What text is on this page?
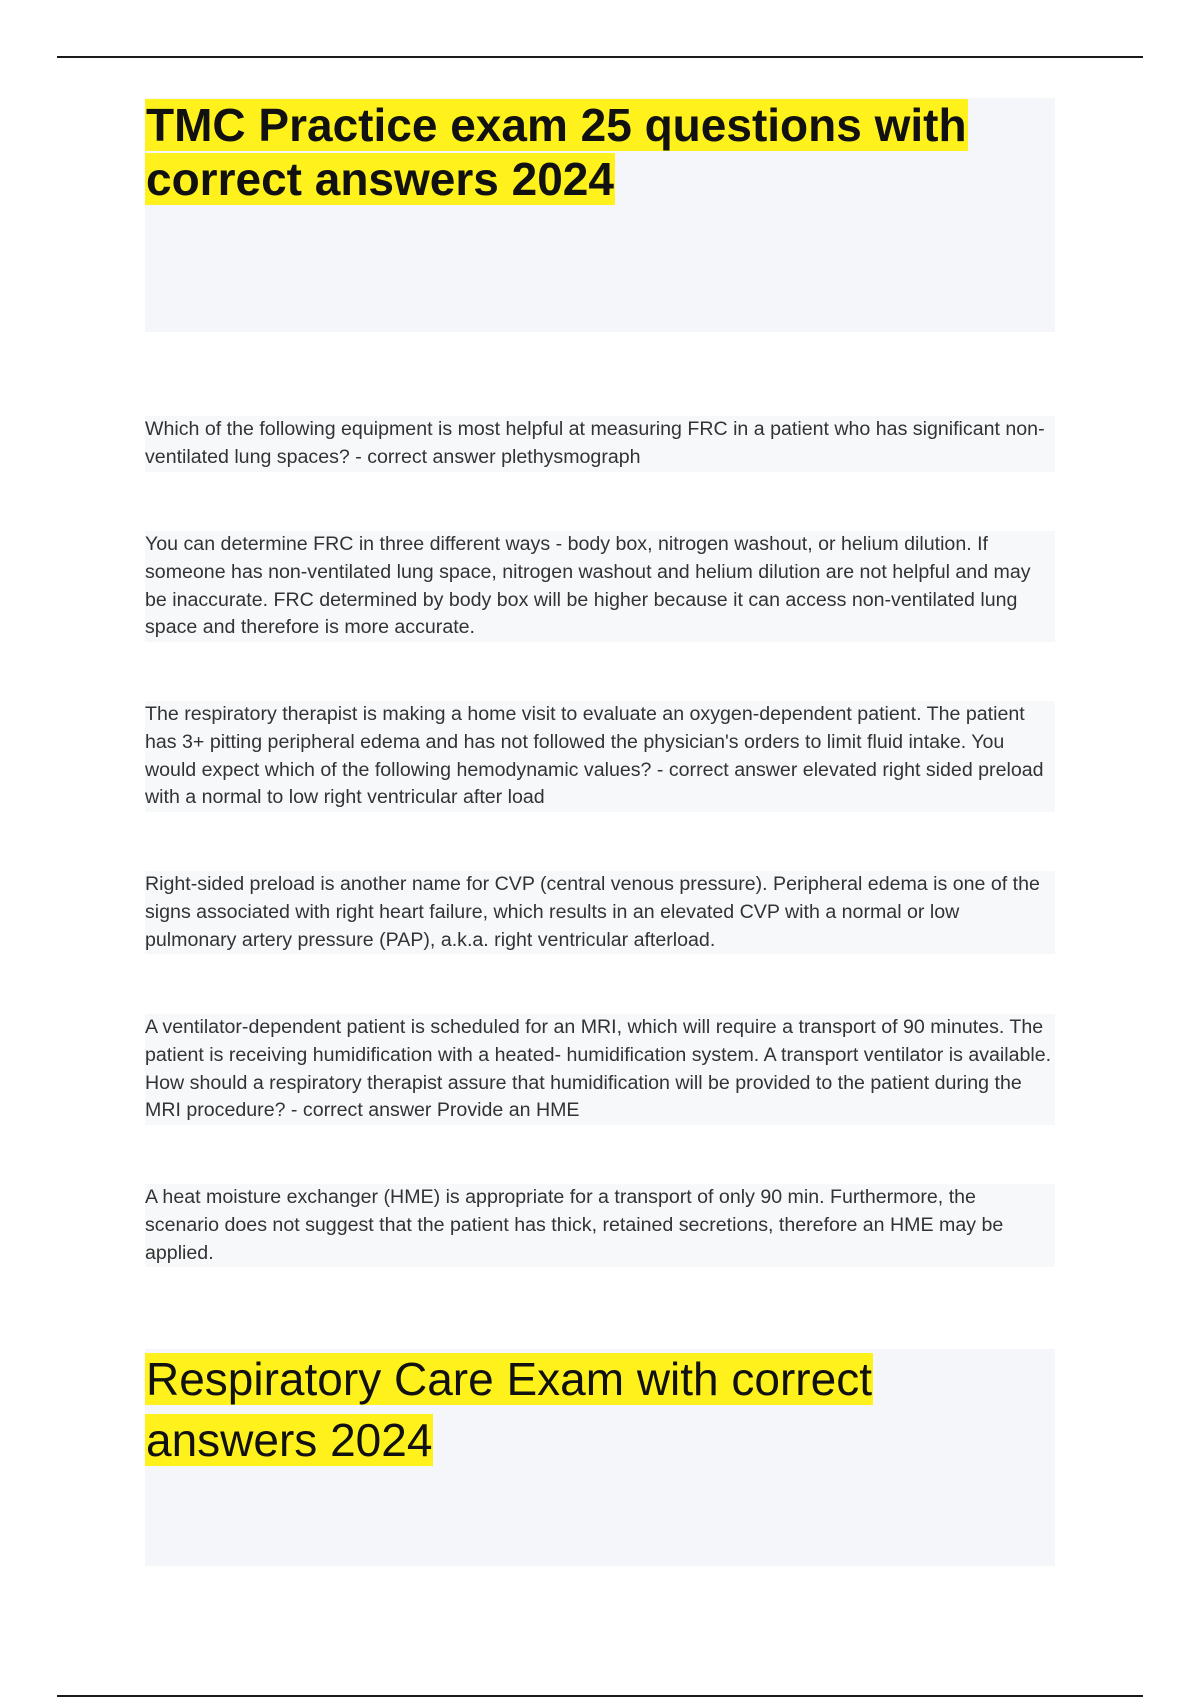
TMC Practice exam 25 questions with correct answers 2024

Which of the following equipment is most helpful at measuring FRC in a patient who has significant non-ventilated lung spaces? - correct answer plethysmograph

You can determine FRC in three different ways - body box, nitrogen washout, or helium dilution. If someone has non-ventilated lung space, nitrogen washout and helium dilution are not helpful and may be inaccurate. FRC determined by body box will be higher because it can access non-ventilated lung space and therefore is more accurate.

The respiratory therapist is making a home visit to evaluate an oxygen-dependent patient. The patient has 3+ pitting peripheral edema and has not followed the physician's orders to limit fluid intake. You would expect which of the following hemodynamic values? - correct answer elevated right sided preload with a normal to low right ventricular after load

Right-sided preload is another name for CVP (central venous pressure). Peripheral edema is one of the signs associated with right heart failure, which results in an elevated CVP with a normal or low pulmonary artery pressure (PAP), a.k.a. right ventricular afterload.

A ventilator-dependent patient is scheduled for an MRI, which will require a transport of 90 minutes. The patient is receiving humidification with a heated- humidification system. A transport ventilator is available. How should a respiratory therapist assure that humidification will be provided to the patient during the MRI procedure? - correct answer Provide an HME

A heat moisture exchanger (HME) is appropriate for a transport of only 90 min. Furthermore, the scenario does not suggest that the patient has thick, retained secretions, therefore an HME may be applied.

Respiratory Care Exam with correct answers 2024
